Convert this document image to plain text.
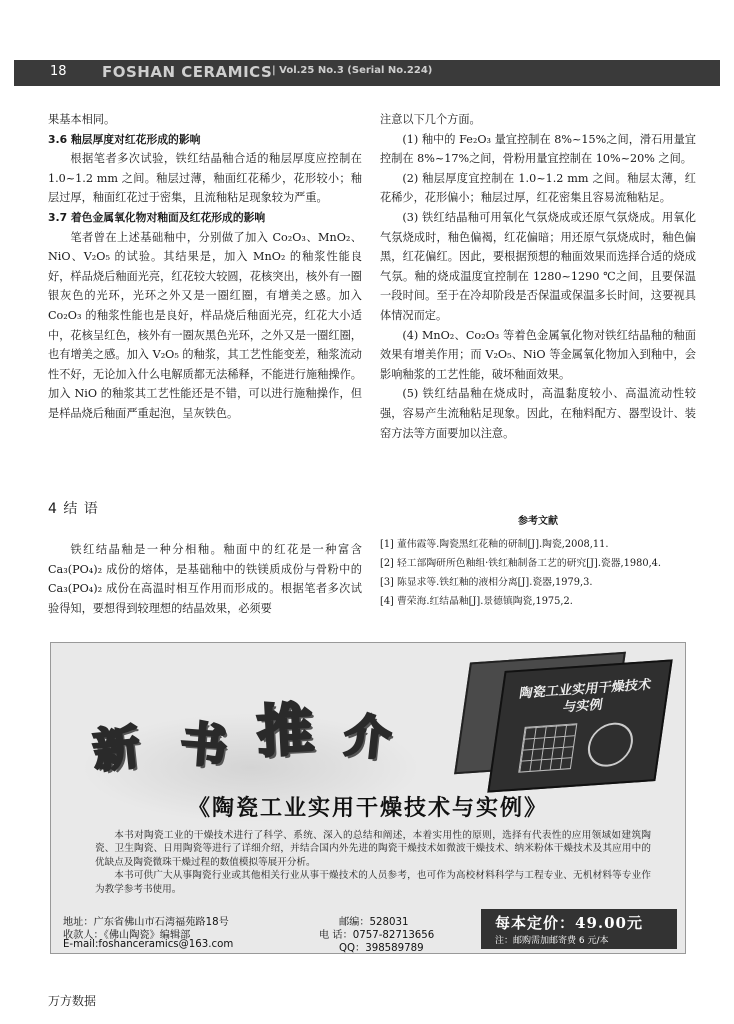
18 FOSHAN CERAMICS | Vol.25 No.3 (Serial No.224)

果基本相同。

3.6 釉层厚度对红花形成的影响

根据笔者多次试验，铁红结晶釉合适的釉层厚度应控制在 1.0~1.2 mm 之间。釉层过薄，釉面红花稀少，花形较小；釉层过厚，釉面红花过于密集，且流釉粘足现象较为严重。

3.7 着色金属氧化物对釉面及红花形成的影响

笔者曾在上述基础釉中，分别做了加入 Co₂O₃、MnO₂、NiO、V₂O₅ 的试验。其结果是，加入 MnO₂ 的釉浆性能良好，样品烧后釉面光亮，红花较大较圆，花核突出，核外有一圈银灰色的光环，光环之外又是一圈红圈，有增美之感。加入 Co₂O₃ 的釉浆性能也是良好，样品烧后釉面光亮，红花大小适中，花核呈红色，核外有一圈灰黑色光环，之外又是一圈红圈，也有增美之感。加入 V₂O₅ 的釉浆，其工艺性能变差，釉浆流动性不好，无论加入什么电解质都无法稀释，不能进行施釉操作。加入 NiO 的釉浆其工艺性能还是不错，可以进行施釉操作，但是样品烧后釉面严重起泡，呈灰铁色。

注意以下几个方面。

(1) 釉中的 Fe₂O₃ 量宜控制在 8%~15%之间，滑石用量宜控制在 8%~17%之间，骨粉用量宜控制在 10%~20% 之间。

(2) 釉层厚度宜控制在 1.0~1.2 mm 之间。釉层太薄，红花稀少，花形偏小；釉层过厚，红花密集且容易流釉粘足。

(3) 铁红结晶釉可用氧化气氛烧成或还原气氛烧成。用氧化气氛烧成时，釉色偏褐，红花偏暗；用还原气氛烧成时，釉色偏黑，红花偏红。因此，要根据预想的釉面效果而选择合适的烧成气氛。釉的烧成温度宜控制在 1280~1290 ℃之间，且要保温一段时间。至于在冷却阶段是否保温或保温多长时间，这要视具体情况而定。

(4) MnO₂、Co₂O₃ 等着色金属氧化物对铁红结晶釉的釉面效果有增美作用；而 V₂O₅、NiO 等金属氧化物加入到釉中，会影响釉浆的工艺性能，破坏釉面效果。

(5) 铁红结晶釉在烧成时，高温黏度较小、高温流动性较强，容易产生流釉粘足现象。因此，在釉料配方、器型设计、装窑方法等方面要加以注意。

4 结 语

铁红结晶釉是一种分相釉。釉面中的红花是一种富含 Ca₃(PO₄)₂ 成份的熔体，是基础釉中的铁镁质成份与骨粉中的 Ca₃(PO₄)₂ 成份在高温时相互作用而形成的。根据笔者多次试验得知，要想得到较理想的结晶效果，必须要

参考文献
[1] 董伟霞等.陶瓷黑红花釉的研制[J].陶瓷,2008,11.
[2] 轻工部陶研所色釉组·铁红釉制备工艺的研究[J].瓷器,1980,4.
[3] 陈显求等.铁红釉的液相分离[J].瓷器,1979,3.
[4] 曹荣海.红结晶釉[J].景德镇陶瓷,1975,2.
新 书 推 介
陶瓷工业实用干燥技术与实例
《陶瓷工业实用干燥技术与实例》

本书对陶瓷工业的干燥技术进行了科学、系统、深入的总结和阐述，本着实用性的原则，选择有代表性的应用领域如建筑陶瓷、卫生陶瓷、日用陶瓷等进行了详细介绍，并结合国内外先进的陶瓷干燥技术如微波干燥技术、纳米粉体干燥技术及其应用中的优缺点及陶瓷微珠干燥过程的数值模拟等展开分析。

本书可供广大从事陶瓷行业或其他相关行业从事干燥技术的人员参考，也可作为高校材料科学与工程专业、无机材料等专业作为教学参考书使用。

地址：广东省佛山市石湾福苑路18号	邮编：528031
收款人：《佛山陶瓷》编辑部	电 话：0757-82713656
E-mail:foshanceramics@163.com	QQ：398589789
每本定价：49.00元
注：邮购需加邮寄费 6 元/本
万方数据
